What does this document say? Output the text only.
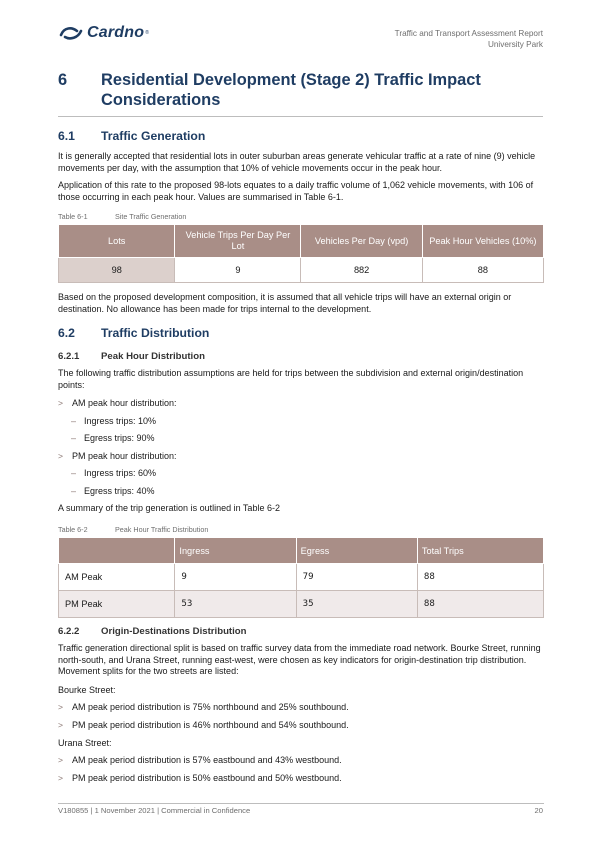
Cardno ®	Traffic and Transport Assessment Report
University Park
6 Residential Development (Stage 2) Traffic Impact Considerations
6.1 Traffic Generation
It is generally accepted that residential lots in outer suburban areas generate vehicular traffic at a rate of nine (9) vehicle movements per day, with the assumption that 10% of vehicle movements occur in the peak hour.
Application of this rate to the proposed 98-lots equates to a daily traffic volume of 1,062 vehicle movements, with 106 of those occurring in each peak hour. Values are summarised in Table 6-1.
Table 6-1	Site Traffic Generation
Lots	Vehicle Trips Per Day Per Lot	Vehicles Per Day (vpd)	Peak Hour Vehicles (10%)
98	9	882	88
Based on the proposed development composition, it is assumed that all vehicle trips will have an external origin or destination. No allowance has been made for trips internal to the development.
6.2 Traffic Distribution
6.2.1 Peak Hour Distribution
The following traffic distribution assumptions are held for trips between the subdivision and external origin/destination points:
> AM peak hour distribution:
– Ingress trips: 10%
– Egress trips: 90%
> PM peak hour distribution:
– Ingress trips: 60%
– Egress trips: 40%
A summary of the trip generation is outlined in Table 6-2
Table 6-2	Peak Hour Traffic Distribution
	Ingress	Egress	Total Trips
AM Peak	9	79	88
PM Peak	53	35	88
6.2.2 Origin-Destinations Distribution
Traffic generation directional split is based on traffic survey data from the immediate road network. Bourke Street, running north-south, and Urana Street, running east-west, were chosen as key indicators for origin-destination trip distribution. Movement splits for the two streets are listed:
Bourke Street:
> AM peak period distribution is 75% northbound and 25% southbound.
> PM peak period distribution is 46% northbound and 54% southbound.
Urana Street:
> AM peak period distribution is 57% eastbound and 43% westbound.
> PM peak period distribution is 50% eastbound and 50% westbound.
V180855 | 1 November 2021 | Commercial in Confidence	20
